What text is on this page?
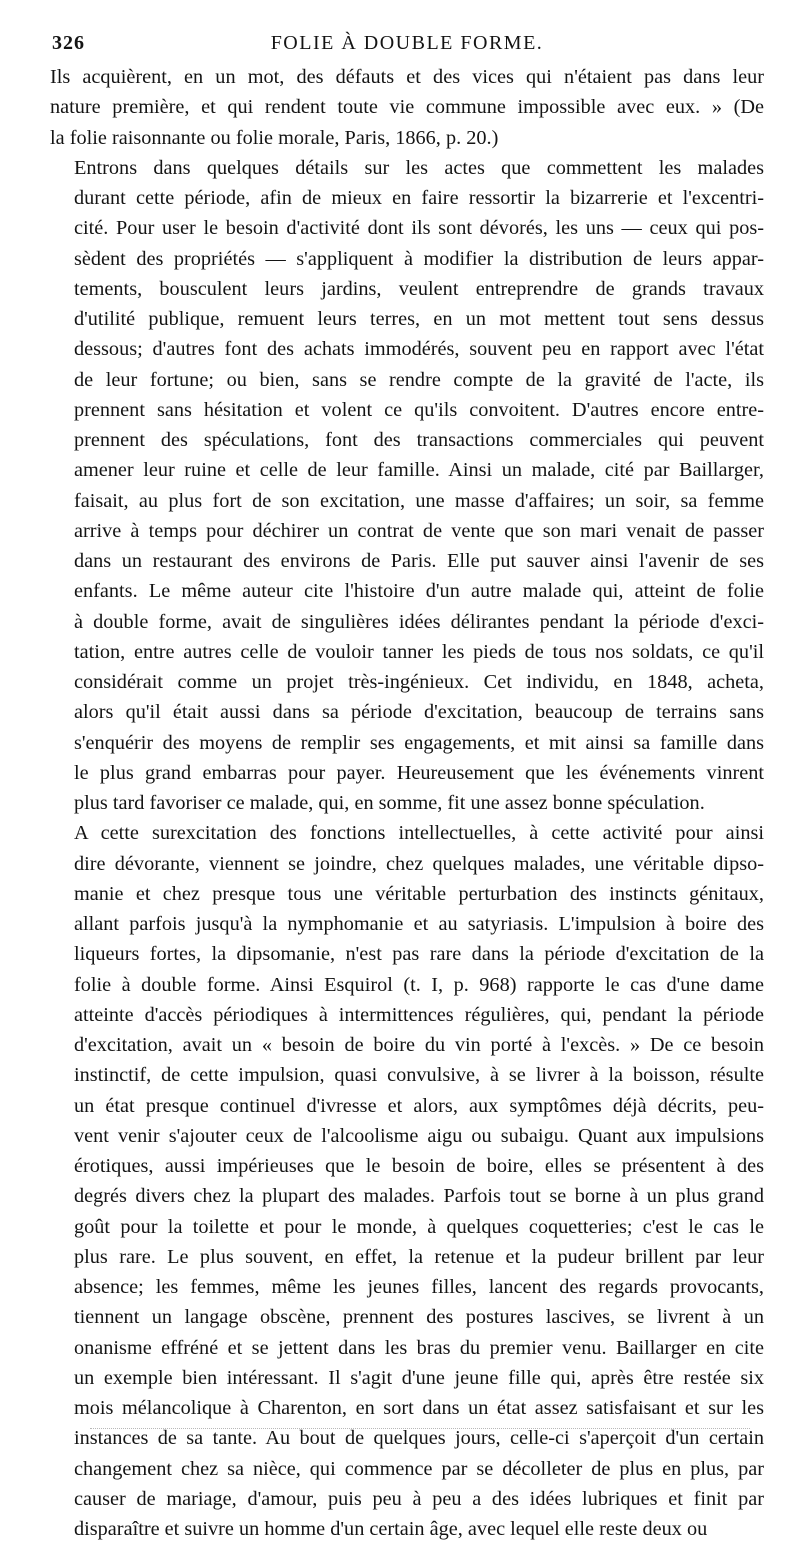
326	FOLIE À DOUBLE FORME.

Ils acquièrent, en un mot, des défauts et des vices qui n'étaient pas dans leur
nature première, et qui rendent toute vie commune impossible avec eux. » (De
la folie raisonnante ou folie morale, Paris, 1866, p. 20.)

Entrons dans quelques détails sur les actes que commettent les malades
durant cette période, afin de mieux en faire ressortir la bizarrerie et l'excentri-
cité. Pour user le besoin d'activité dont ils sont dévorés, les uns — ceux qui pos-
sèdent des propriétés — s'appliquent à modifier la distribution de leurs appar-
tements, bousculent leurs jardins, veulent entreprendre de grands travaux
d'utilité publique, remuent leurs terres, en un mot mettent tout sens dessus
dessous; d'autres font des achats immodérés, souvent peu en rapport avec l'état
de leur fortune; ou bien, sans se rendre compte de la gravité de l'acte, ils
prennent sans hésitation et volent ce qu'ils convoitent. D'autres encore entre-
prennent des spéculations, font des transactions commerciales qui peuvent
amener leur ruine et celle de leur famille. Ainsi un malade, cité par Baillarger,
faisait, au plus fort de son excitation, une masse d'affaires; un soir, sa femme
arrive à temps pour déchirer un contrat de vente que son mari venait de passer
dans un restaurant des environs de Paris. Elle put sauver ainsi l'avenir de ses
enfants. Le même auteur cite l'histoire d'un autre malade qui, atteint de folie
à double forme, avait de singulières idées délirantes pendant la période d'exci-
tation, entre autres celle de vouloir tanner les pieds de tous nos soldats, ce qu'il
considérait comme un projet très-ingénieux. Cet individu, en 1848, acheta,
alors qu'il était aussi dans sa période d'excitation, beaucoup de terrains sans
s'enquérir des moyens de remplir ses engagements, et mit ainsi sa famille dans
le plus grand embarras pour payer. Heureusement que les événements vinrent
plus tard favoriser ce malade, qui, en somme, fit une assez bonne spéculation.

A cette surexcitation des fonctions intellectuelles, à cette activité pour ainsi
dire dévorante, viennent se joindre, chez quelques malades, une véritable dipso-
manie et chez presque tous une véritable perturbation des instincts génitaux,
allant parfois jusqu'à la nymphomanie et au satyriasis. L'impulsion à boire des
liqueurs fortes, la dipsomanie, n'est pas rare dans la période d'excitation de la
folie à double forme. Ainsi Esquirol (t. I, p. 968) rapporte le cas d'une dame
atteinte d'accès périodiques à intermittences régulières, qui, pendant la période
d'excitation, avait un « besoin de boire du vin porté à l'excès. » De ce besoin
instinctif, de cette impulsion, quasi convulsive, à se livrer à la boisson, résulte
un état presque continuel d'ivresse et alors, aux symptômes déjà décrits, peu-
vent venir s'ajouter ceux de l'alcoolisme aigu ou subaigu. Quant aux impulsions
érotiques, aussi impérieuses que le besoin de boire, elles se présentent à des
degrés divers chez la plupart des malades. Parfois tout se borne à un plus grand
goût pour la toilette et pour le monde, à quelques coquetteries; c'est le cas le
plus rare. Le plus souvent, en effet, la retenue et la pudeur brillent par leur
absence; les femmes, même les jeunes filles, lancent des regards provocants,
tiennent un langage obscène, prennent des postures lascives, se livrent à un
onanisme effréné et se jettent dans les bras du premier venu. Baillarger en cite
un exemple bien intéressant. Il s'agit d'une jeune fille qui, après être restée six
mois mélancolique à Charenton, en sort dans un état assez satisfaisant et sur les
instances de sa tante. Au bout de quelques jours, celle-ci s'aperçoit d'un certain
changement chez sa nièce, qui commence par se décolleter de plus en plus, par
causer de mariage, d'amour, puis peu à peu a des idées lubriques et finit par
disparaître et suivre un homme d'un certain âge, avec lequel elle reste deux ou
